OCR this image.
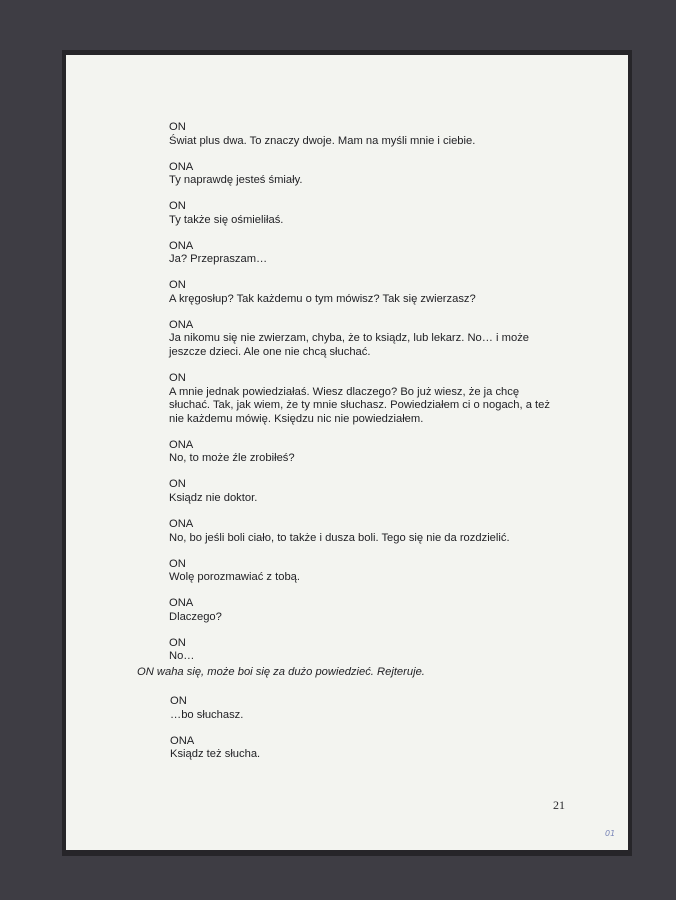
ON
Świat plus dwa. To znaczy dwoje. Mam na myśli mnie i ciebie.
ONA
Ty naprawdę jesteś śmiały.
ON
Ty także się ośmieliłaś.
ONA
Ja? Przepraszam…
ON
A kręgosłup? Tak każdemu o tym mówisz? Tak się zwierzasz?
ONA
Ja nikomu się nie zwierzam, chyba, że to ksiądz, lub lekarz. No… i może
jeszcze dzieci. Ale one nie chcą słuchać.
ON
A mnie jednak powiedziałaś. Wiesz dlaczego? Bo już wiesz, że ja chcę
słuchać. Tak, jak wiem, że ty mnie słuchasz. Powiedziałem ci o nogach, a też
nie każdemu mówię. Księdzu nic nie powiedziałem.
ONA
No, to może źle zrobiłeś?
ON
Ksiądz nie doktor.
ONA
No, bo jeśli boli ciało, to także i dusza boli. Tego się nie da rozdzielić.
ON
Wolę porozmawiać z tobą.
ONA
Dlaczego?
ON
No…
ON waha się, może boi się za dużo powiedzieć. Rejteruje.
ON
…bo słuchasz.
ONA
Ksiądz też słucha.
21
01
